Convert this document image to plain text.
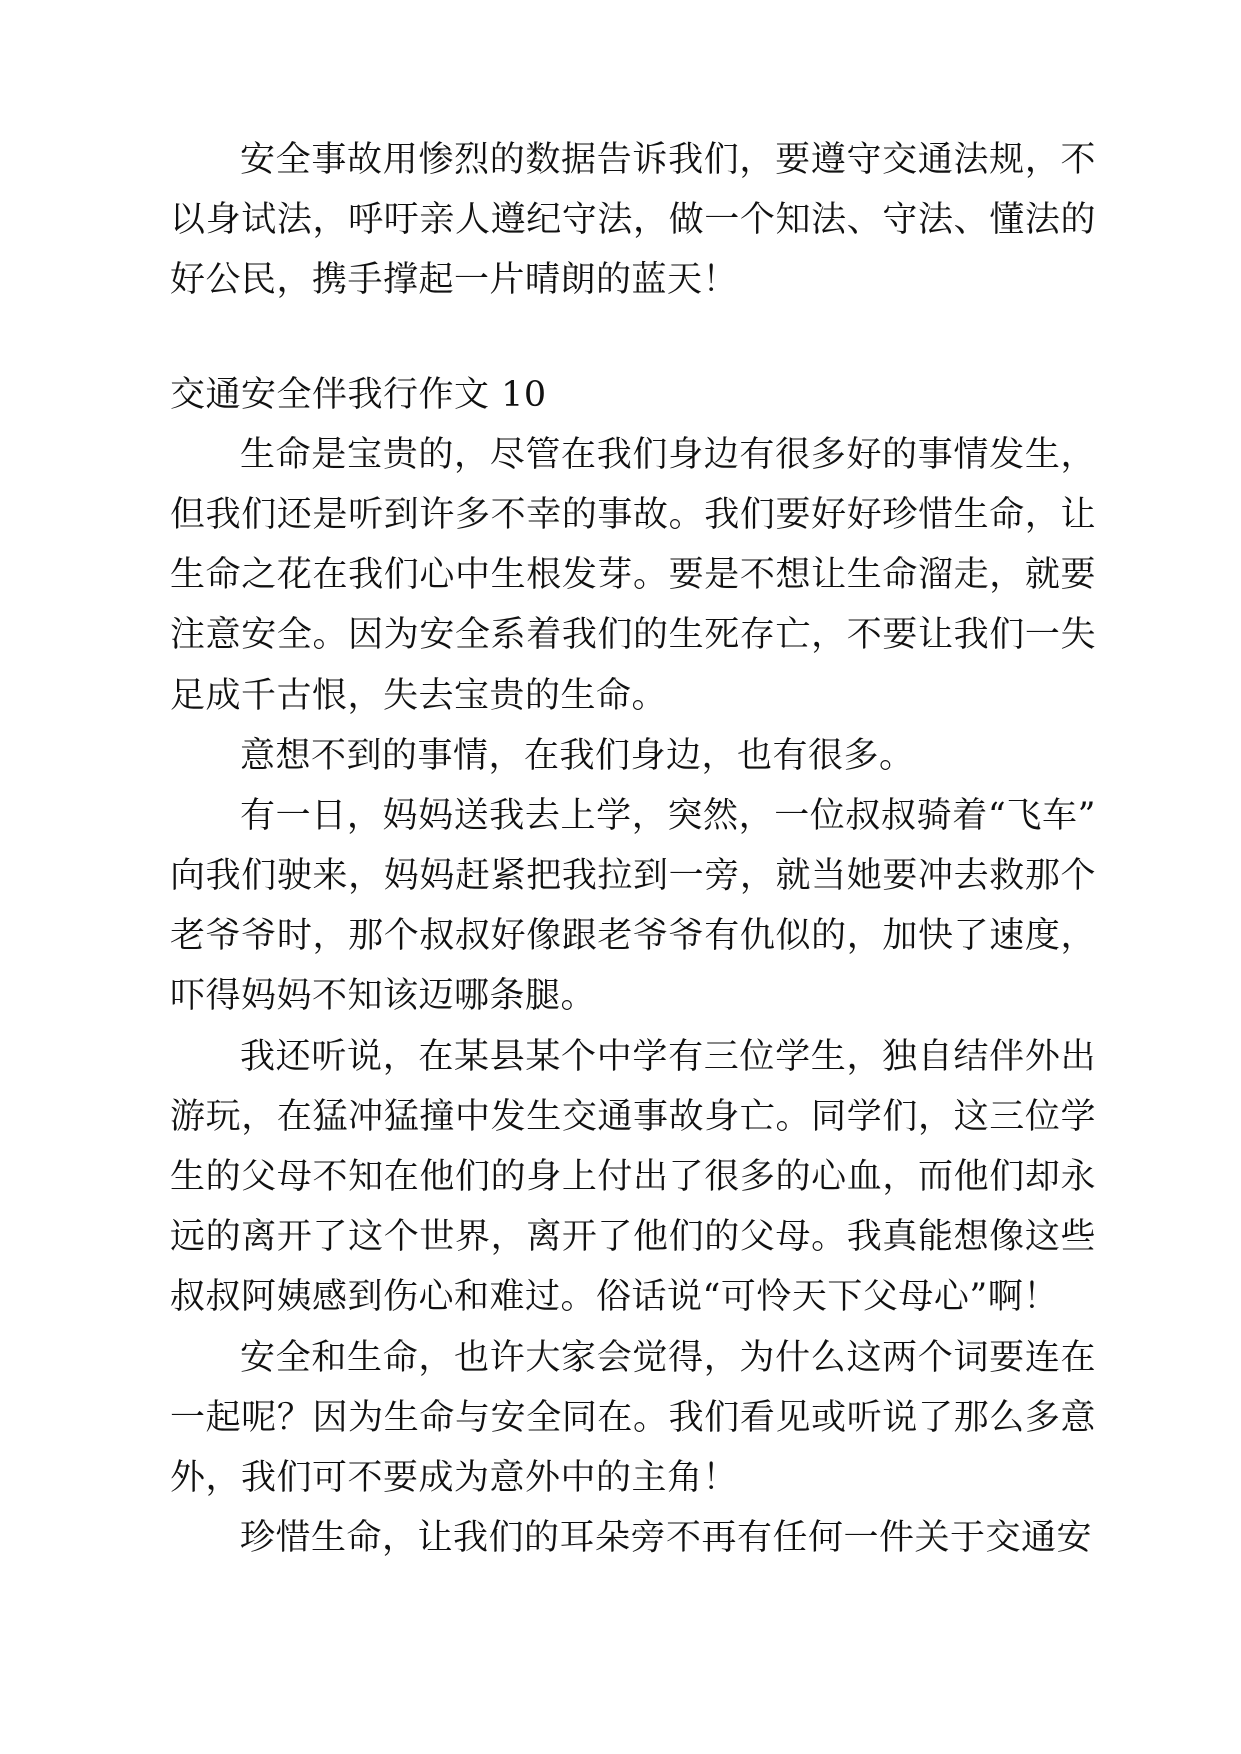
安全事故用惨烈的数据告诉我们，要遵守交通法规，不以身试法，呼吁亲人遵纪守法，做一个知法、守法、懂法的好公民，携手撑起一片晴朗的蓝天！

交通安全伴我行作文 10

生命是宝贵的，尽管在我们身边有很多好的事情发生，但我们还是听到许多不幸的事故。我们要好好珍惜生命，让生命之花在我们心中生根发芽。要是不想让生命溜走，就要注意安全。因为安全系着我们的生死存亡，不要让我们一失足成千古恨，失去宝贵的生命。

意想不到的事情，在我们身边，也有很多。

有一日，妈妈送我去上学，突然，一位叔叔骑着“飞车”向我们驶来，妈妈赶紧把我拉到一旁，就当她要冲去救那个老爷爷时，那个叔叔好像跟老爷爷有仇似的，加快了速度，吓得妈妈不知该迈哪条腿。

我还听说，在某县某个中学有三位学生，独自结伴外出游玩，在猛冲猛撞中发生交通事故身亡。同学们，这三位学生的父母不知在他们的身上付出了很多的心血，而他们却永远的离开了这个世界，离开了他们的父母。我真能想像这些叔叔阿姨感到伤心和难过。俗话说“可怜天下父母心”啊！

安全和生命，也许大家会觉得，为什么这两个词要连在一起呢？因为生命与安全同在。我们看见或听说了那么多意外，我们可不要成为意外中的主角！

珍惜生命，让我们的耳朵旁不再有任何一件关于交通安
